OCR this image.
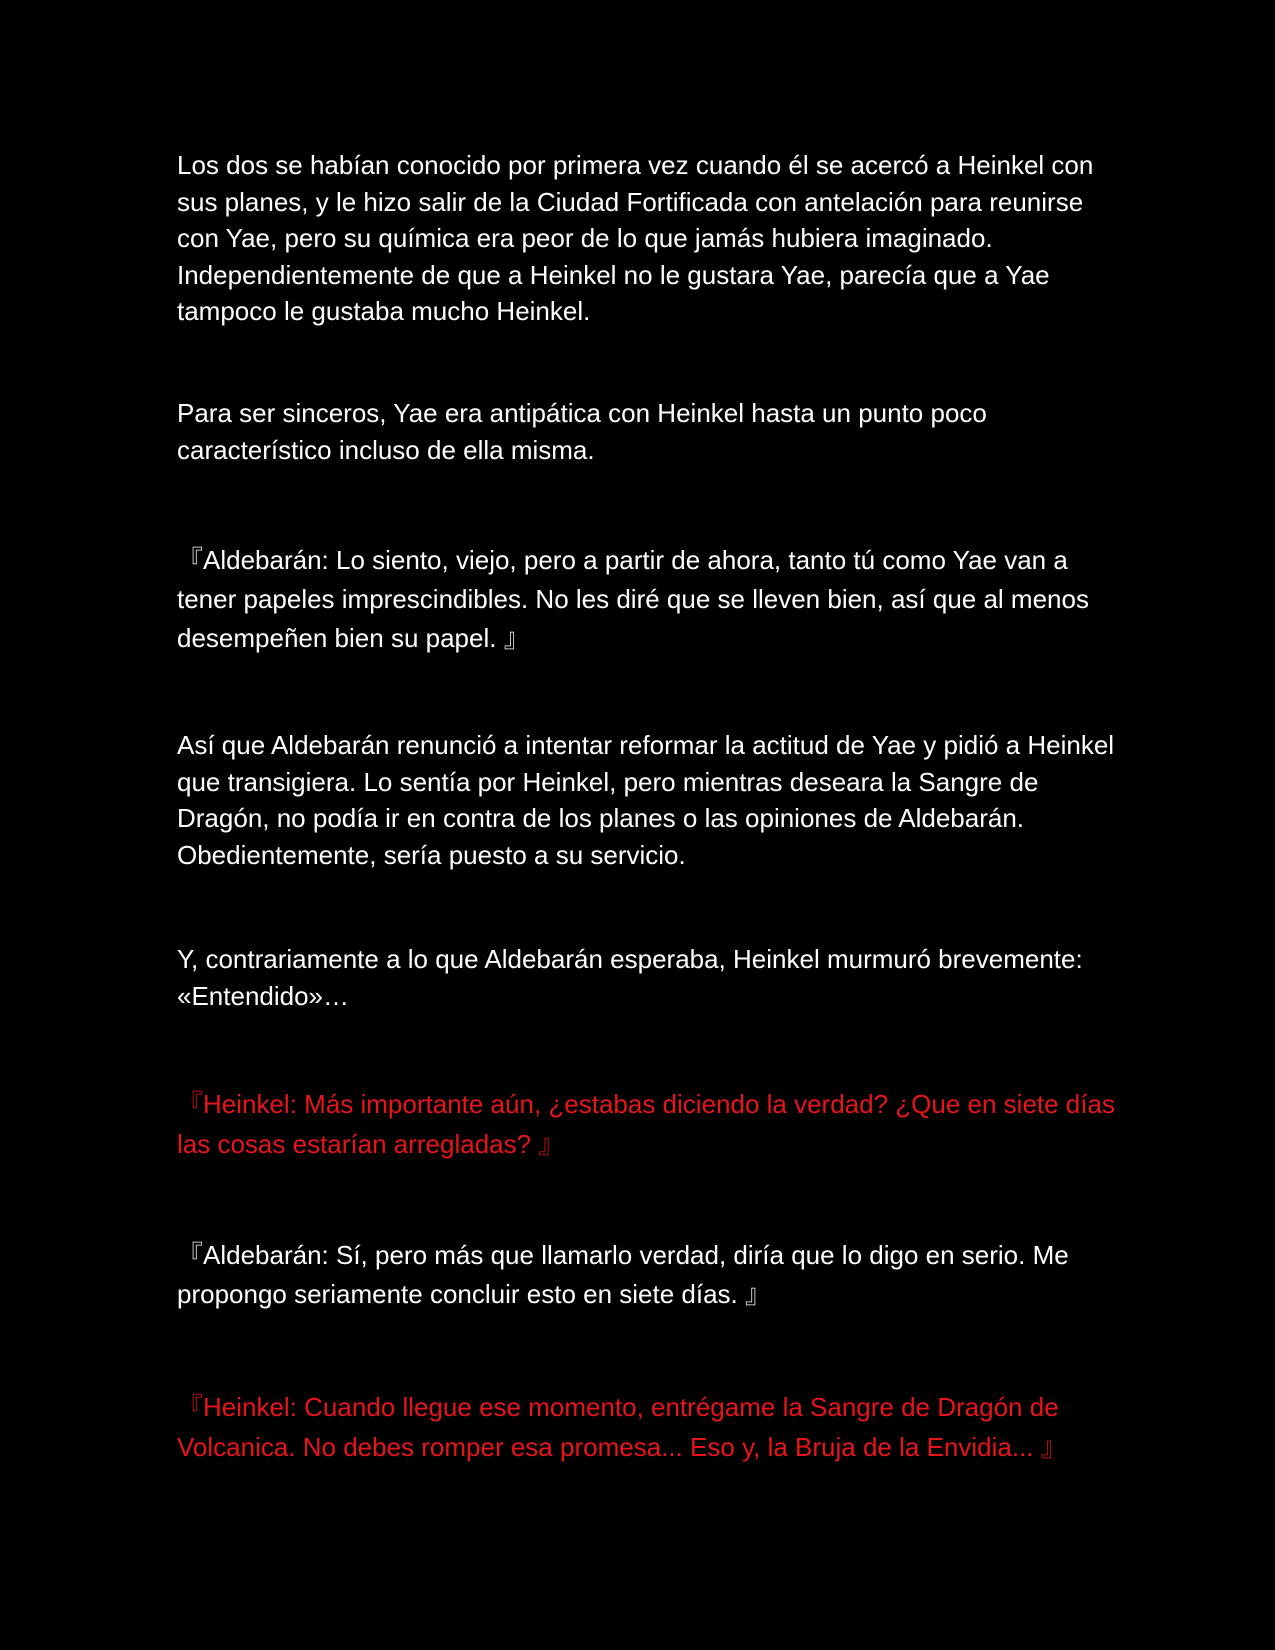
Los dos se habían conocido por primera vez cuando él se acercó a Heinkel con sus planes, y le hizo salir de la Ciudad Fortificada con antelación para reunirse con Yae, pero su química era peor de lo que jamás hubiera imaginado. Independientemente de que a Heinkel no le gustara Yae, parecía que a Yae tampoco le gustaba mucho Heinkel.

Para ser sinceros, Yae era antipática con Heinkel hasta un punto poco característico incluso de ella misma.

『Aldebarán: Lo siento, viejo, pero a partir de ahora, tanto tú como Yae van a tener papeles imprescindibles. No les diré que se lleven bien, así que al menos desempeñen bien su papel. 』

Así que Aldebarán renunció a intentar reformar la actitud de Yae y pidió a Heinkel que transigiera. Lo sentía por Heinkel, pero mientras deseara la Sangre de Dragón, no podía ir en contra de los planes o las opiniones de Aldebarán. Obedientemente, sería puesto a su servicio.

Y, contrariamente a lo que Aldebarán esperaba, Heinkel murmuró brevemente: «Entendido»…

『Heinkel: Más importante aún, ¿estabas diciendo la verdad? ¿Que en siete días las cosas estarían arregladas? 』

『Aldebarán: Sí, pero más que llamarlo verdad, diría que lo digo en serio. Me propongo seriamente concluir esto en siete días. 』

『Heinkel: Cuando llegue ese momento, entrégame la Sangre de Dragón de Volcanica. No debes romper esa promesa... Eso y, la Bruja de la Envidia... 』
